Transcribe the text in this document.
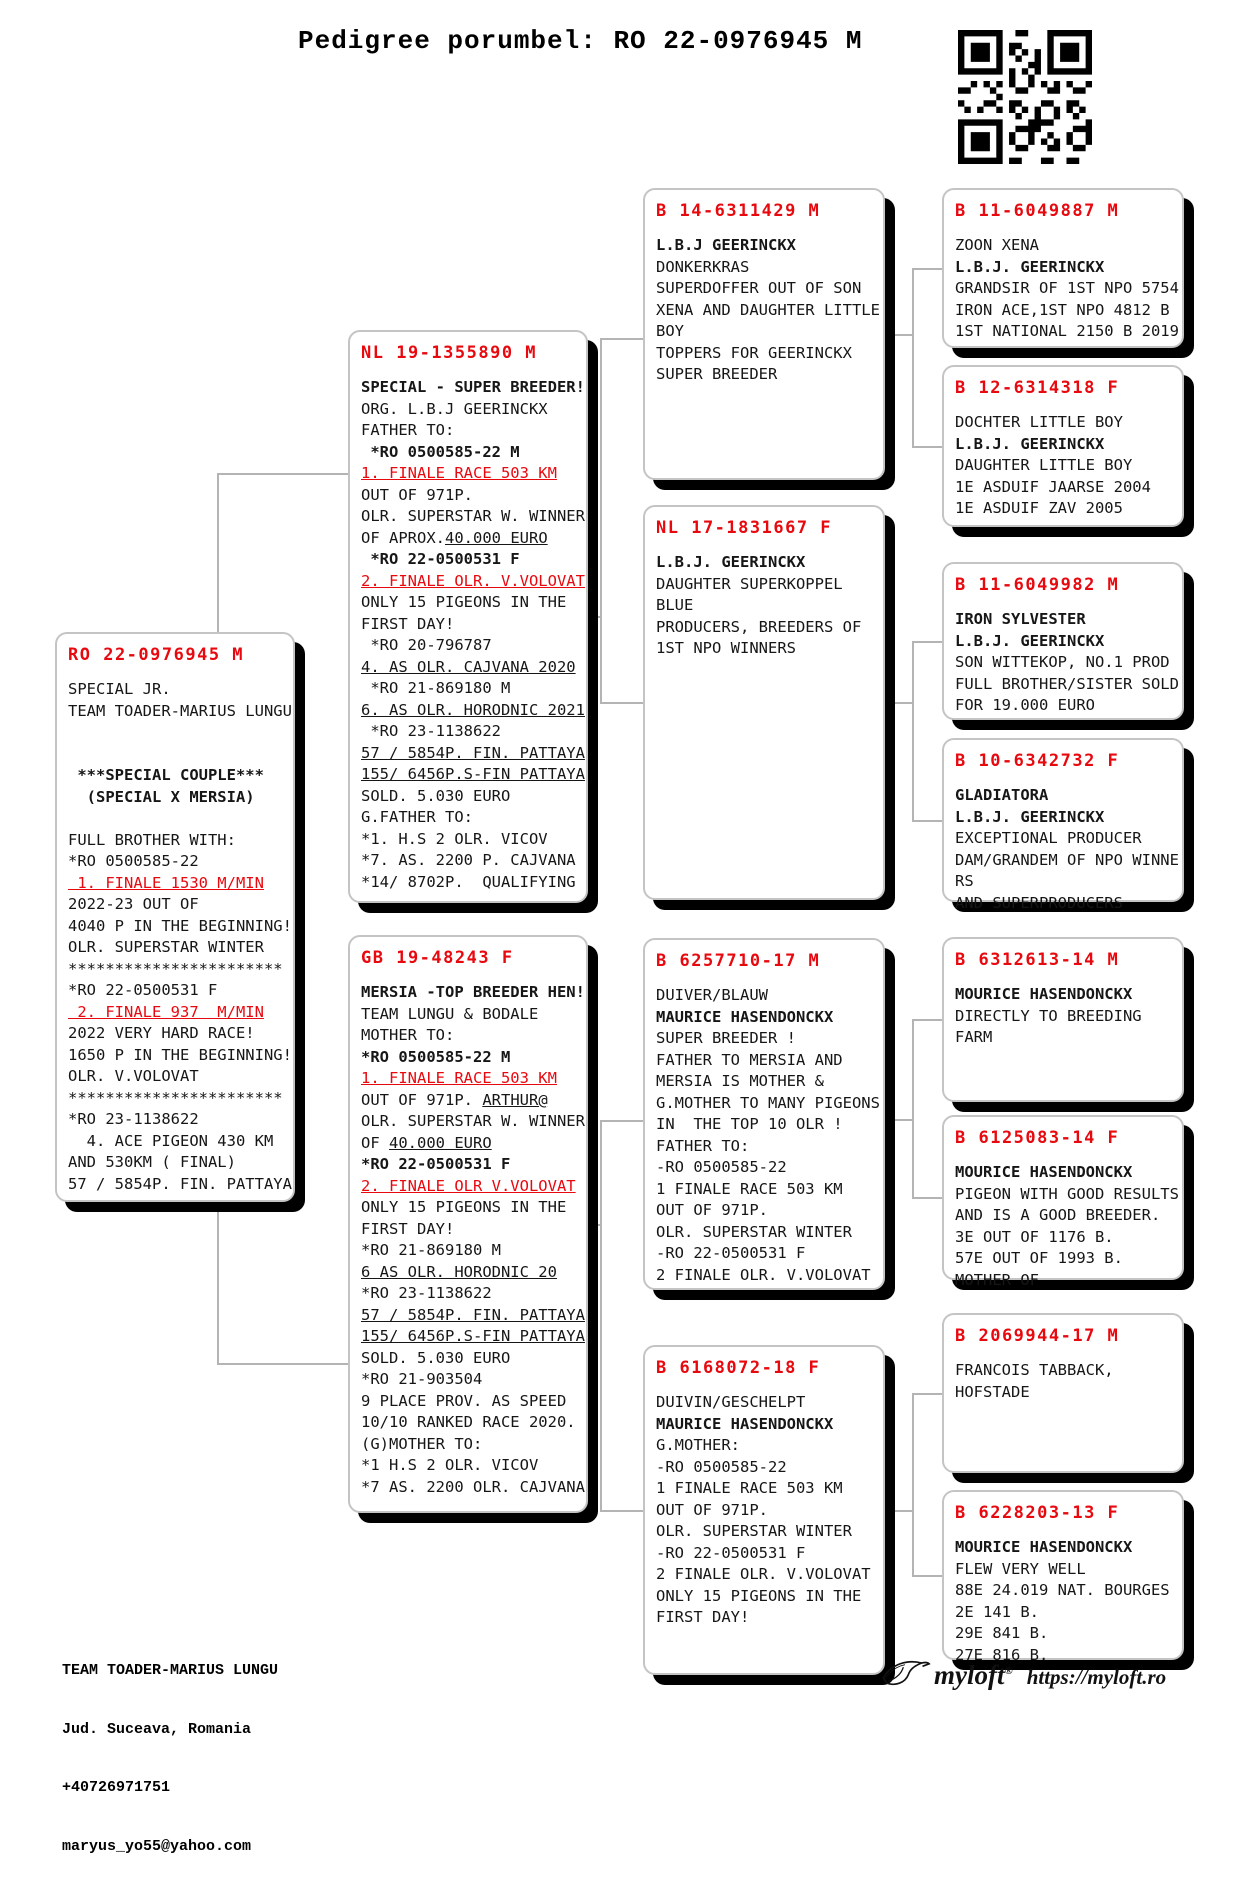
Pedigree porumbel: RO 22-0976945 M
RO 22-0976945 M
SPECIAL JR.
TEAM TOADER-MARIUS LUNGU

***SPECIAL COUPLE***
(SPECIAL X MERSIA)

FULL BROTHER WITH:
*RO 0500585-22
1. FINALE 1530 M/MIN
2022-23 OUT OF
4040 P IN THE BEGINNING!
OLR. SUPERSTAR WINTER
***********************
*RO 22-0500531 F
2. FINALE 937  M/MIN
2022 VERY HARD RACE!
1650 P IN THE BEGINNING!
OLR. V.VOLOVAT
***********************
*RO 23-1138622
4. ACE PIGEON 430 KM
AND 530KM ( FINAL)
57 / 5854P. FIN. PATTAYA
NL 19-1355890 M
SPECIAL - SUPER BREEDER!
ORG. L.B.J GEERINCKX
FATHER TO:
*RO 0500585-22 M
1. FINALE RACE 503 KM
OUT OF 971P.
OLR. SUPERSTAR W. WINNER
OF APROX.40.000 EURO
*RO 22-0500531 F
2. FINALE OLR. V.VOLOVAT
ONLY 15 PIGEONS IN THE
FIRST DAY!
*RO 20-796787
4. AS OLR. CAJVANA 2020
*RO 21-869180 M
6. AS OLR. HORODNIC 2021
*RO 23-1138622
57 / 5854P. FIN. PATTAYA
155/ 6456P.S-FIN PATTAYA
SOLD. 5.030 EURO
G.FATHER TO:
*1. H.S 2 OLR. VICOV
*7. AS. 2200 P. CAJVANA
*14/ 8702P.  QUALIFYING
GB 19-48243 F
MERSIA -TOP BREEDER HEN!
TEAM LUNGU & BODALE
MOTHER TO:
*RO 0500585-22 M
1. FINALE RACE 503 KM
OUT OF 971P. ARTHUR@
OLR. SUPERSTAR W. WINNER
OF 40.000 EURO
*RO 22-0500531 F
2. FINALE OLR V.VOLOVAT
ONLY 15 PIGEONS IN THE
FIRST DAY!
*RO 21-869180 M
6 AS OLR. HORODNIC 20
*RO 23-1138622
57 / 5854P. FIN. PATTAYA
155/ 6456P.S-FIN PATTAYA
SOLD. 5.030 EURO
*RO 21-903504
9 PLACE PROV. AS SPEED
10/10 RANKED RACE 2020.
(G)MOTHER TO:
*1 H.S 2 OLR. VICOV
*7 AS. 2200 OLR. CAJVANA
B 14-6311429 M
L.B.J GEERINCKX
DONKERKRAS
SUPERDOFFER OUT OF SON
XENA AND DAUGHTER LITTLE
BOY
TOPPERS FOR GEERINCKX
SUPER BREEDER
NL 17-1831667 F
L.B.J. GEERINCKX
DAUGHTER SUPERKOPPEL
BLUE
PRODUCERS, BREEDERS OF
1ST NPO WINNERS
B 6257710-17 M
DUIVER/BLAUW
MAURICE HASENDONCKX
SUPER BREEDER !
FATHER TO MERSIA AND
MERSIA IS MOTHER &
G.MOTHER TO MANY PIGEONS
IN  THE TOP 10 OLR !
FATHER TO:
-RO 0500585-22
1 FINALE RACE 503 KM
OUT OF 971P.
OLR. SUPERSTAR WINTER
-RO 22-0500531 F
2 FINALE OLR. V.VOLOVAT
B 6168072-18 F
DUIVIN/GESCHELPT
MAURICE HASENDONCKX
G.MOTHER:
-RO 0500585-22
1 FINALE RACE 503 KM
OUT OF 971P.
OLR. SUPERSTAR WINTER
-RO 22-0500531 F
2 FINALE OLR. V.VOLOVAT
ONLY 15 PIGEONS IN THE
FIRST DAY!
B 11-6049887 M
ZOON XENA
L.B.J. GEERINCKX
GRANDSIR OF 1ST NPO 5754
IRON ACE,1ST NPO 4812 B
1ST NATIONAL 2150 B 2019
B 12-6314318 F
DOCHTER LITTLE BOY
L.B.J. GEERINCKX
DAUGHTER LITTLE BOY
1E ASDUIF JAARSE 2004
1E ASDUIF ZAV 2005
B 11-6049982 M
IRON SYLVESTER
L.B.J. GEERINCKX
SON WITTEKOP, NO.1 PROD
FULL BROTHER/SISTER SOLD
FOR 19.000 EURO
B 10-6342732 F
GLADIATORA
L.B.J. GEERINCKX
EXCEPTIONAL PRODUCER
DAM/GRANDEM OF NPO WINNE
RS
AND SUPERPRODUCERS
B 6312613-14 M
MOURICE HASENDONCKX
DIRECTLY TO BREEDING
FARM
B 6125083-14 F
MOURICE HASENDONCKX
PIGEON WITH GOOD RESULTS
AND IS A GOOD BREEDER.
3E OUT OF 1176 B.
57E OUT OF 1993 B.
MOTHER OF
B 2069944-17 M
FRANCOIS TABBACK,
HOFSTADE
B 6228203-13 F
MOURICE HASENDONCKX
FLEW VERY WELL
88E 24.019 NAT. BOURGES
2E 141 B.
29E 841 B.
27E 816 B.

TEAM TOADER-MARIUS LUNGU

Jud. Suceava, Romania

+40726971751

maryus_yo55@yahoo.com

myloft® https://myloft.ro
